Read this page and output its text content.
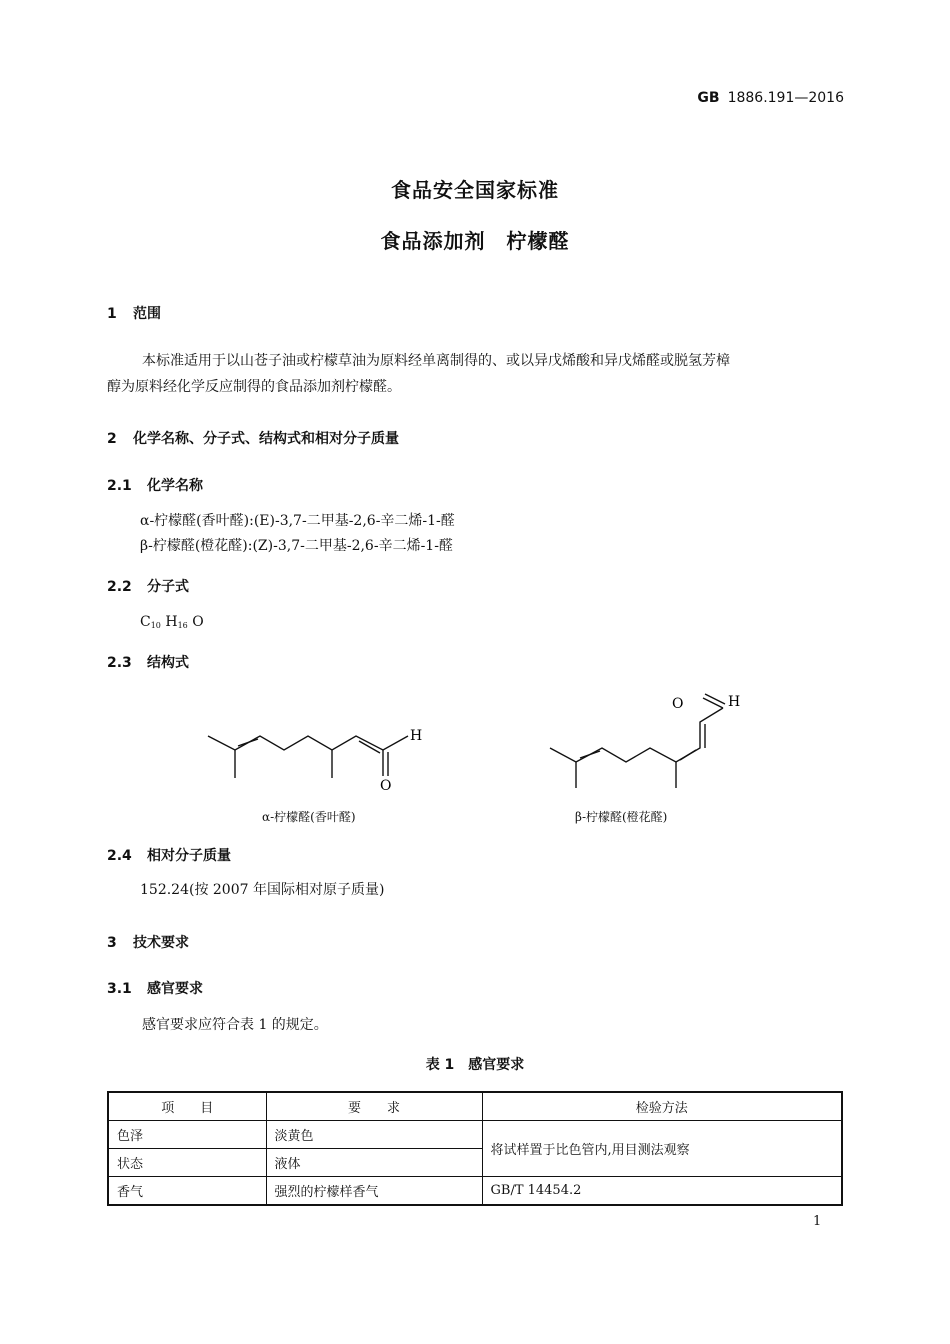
GB 1886.191—2016
食品安全国家标准
食品添加剂　柠檬醛
1 范围
本标准适用于以山苍子油或柠檬草油为原料经单离制得的、或以异戊烯酸和异戊烯醛或脱氢芳樟
醇为原料经化学反应制得的食品添加剂柠檬醛。
2 化学名称、分子式、结构式和相对分子质量
2.1 化学名称
α-柠檬醛(香叶醛):(E)-3,7-二甲基-2,6-辛二烯-1-醛
β-柠檬醛(橙花醛):(Z)-3,7-二甲基-2,6-辛二烯-1-醛
2.2 分子式
$C_{10}$ $H_{16}$ O
2.3 结构式
H
O
α-柠檬醛(香叶醛)
H
O
β-柠檬醛(橙花醛)
2.4 相对分子质量
152.24(按 2007 年国际相对原子质量)
3 技术要求
3.1 感官要求
感官要求应符合表 1 的规定。
表 1　感官要求
项　　目	要　　求	检验方法
色泽	淡黄色	将试样置于比色管内,用目测法观察
状态	液体	
香气	强烈的柠檬样香气	GB/T 14454.2
1
